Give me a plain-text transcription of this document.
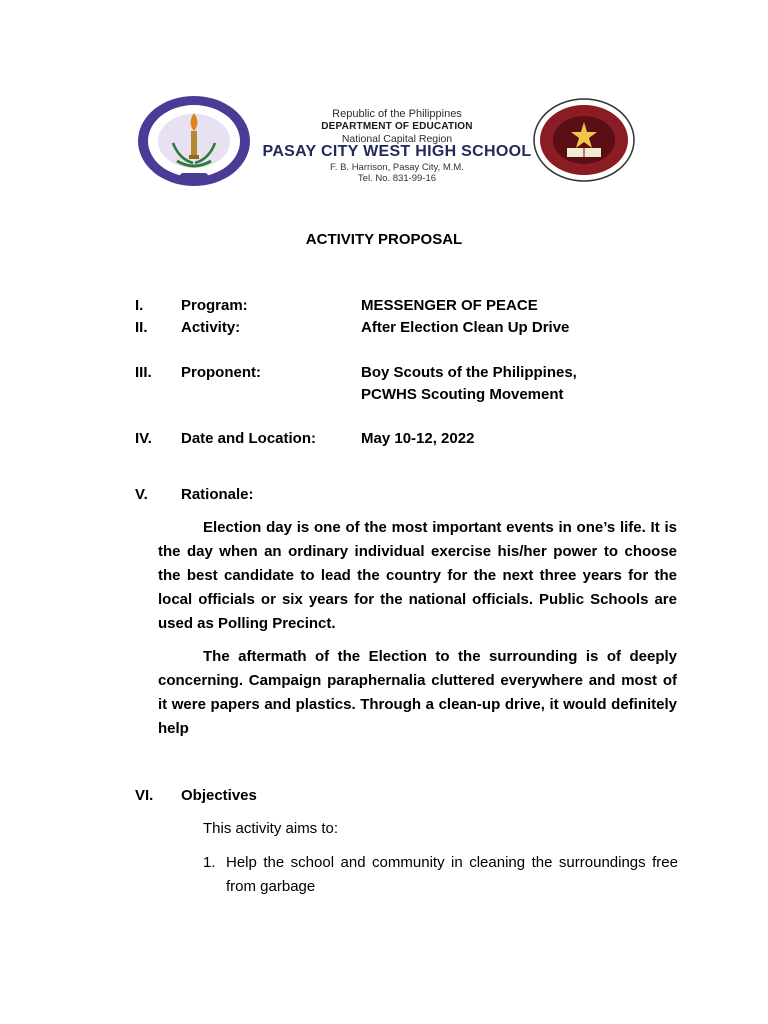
Republic of the Philippines
DEPARTMENT OF EDUCATION
National Capital Region
PASAY CITY WEST HIGH SCHOOL
F. B. Harrison, Pasay City, M.M.
Tel. No. 831-99-16
ACTIVITY PROPOSAL
I.	Program:	MESSENGER OF PEACE
II. Activity:	After Election Clean Up Drive
III. Proponent:	Boy Scouts of the Philippines,
PCWHS Scouting Movement
IV. Date and Location:	May 10-12, 2022
V. Rationale:
Election day is one of the most important events in one’s life. It is the day when an ordinary individual exercise his/her power to choose the best candidate to lead the country for the next three years for the local officials or six years for the national officials. Public Schools are used as Polling Precinct.
The aftermath of the Election to the surrounding is of deeply concerning. Campaign paraphernalia cluttered everywhere and most of it were papers and plastics. Through a clean-up drive, it would definitely help
VI. Objectives
This activity aims to:
1. Help the school and community in cleaning the surroundings free from garbage
